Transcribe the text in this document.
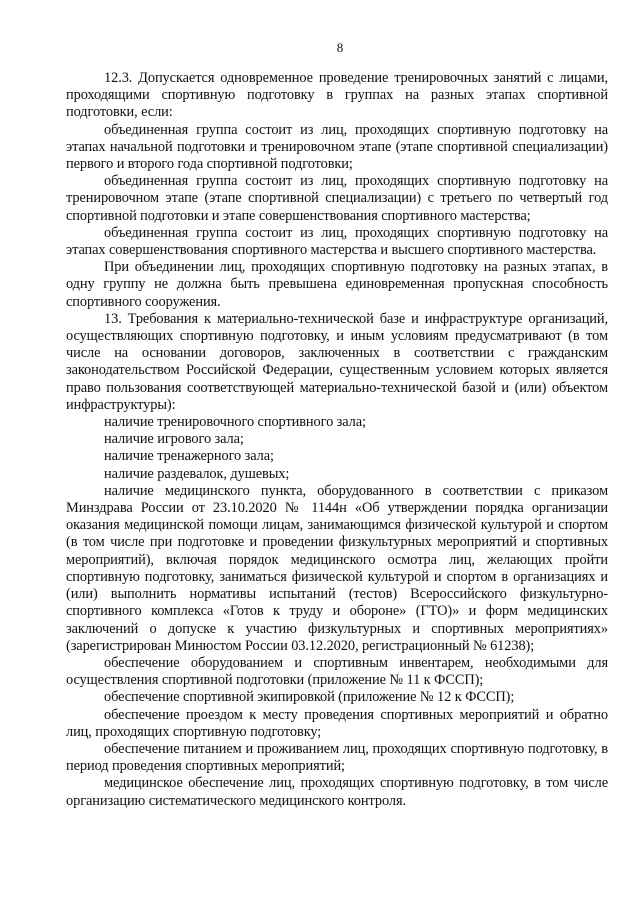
8

12.3. Допускается одновременное проведение тренировочных занятий с лицами, проходящими спортивную подготовку в группах на разных этапах спортивной подготовки, если:

объединенная группа состоит из лиц, проходящих спортивную подготовку на этапах начальной подготовки и тренировочном этапе (этапе спортивной специализации) первого и второго года спортивной подготовки;

объединенная группа состоит из лиц, проходящих спортивную подготовку на тренировочном этапе (этапе спортивной специализации) с третьего по четвертый год спортивной подготовки и этапе совершенствования спортивного мастерства;

объединенная группа состоит из лиц, проходящих спортивную подготовку на этапах совершенствования спортивного мастерства и высшего спортивного мастерства.

При объединении лиц, проходящих спортивную подготовку на разных этапах, в одну группу не должна быть превышена единовременная пропускная способность спортивного сооружения.

13. Требования к материально-технической базе и инфраструктуре организаций, осуществляющих спортивную подготовку, и иным условиям предусматривают (в том числе на основании договоров, заключенных в соответствии с гражданским законодательством Российской Федерации, существенным условием которых является право пользования соответствующей материально-технической базой и (или) объектом инфраструктуры):

наличие тренировочного спортивного зала;

наличие игрового зала;

наличие тренажерного зала;

наличие раздевалок, душевых;

наличие медицинского пункта, оборудованного в соответствии с приказом Минздрава России от 23.10.2020 № 1144н «Об утверждении порядка организации оказания медицинской помощи лицам, занимающимся физической культурой и спортом (в том числе при подготовке и проведении физкультурных мероприятий и спортивных мероприятий), включая порядок медицинского осмотра лиц, желающих пройти спортивную подготовку, заниматься физической культурой и спортом в организациях и (или) выполнить нормативы испытаний (тестов) Всероссийского физкультурно-спортивного комплекса «Готов к труду и обороне» (ГТО)» и форм медицинских заключений о допуске к участию физкультурных и спортивных мероприятиях» (зарегистрирован Минюстом России 03.12.2020, регистрационный № 61238);

обеспечение оборудованием и спортивным инвентарем, необходимыми для осуществления спортивной подготовки (приложение № 11 к ФССП);

обеспечение спортивной экипировкой (приложение № 12 к ФССП);

обеспечение проездом к месту проведения спортивных мероприятий и обратно лиц, проходящих спортивную подготовку;

обеспечение питанием и проживанием лиц, проходящих спортивную подготовку, в период проведения спортивных мероприятий;

медицинское обеспечение лиц, проходящих спортивную подготовку, в том числе организацию систематического медицинского контроля.
